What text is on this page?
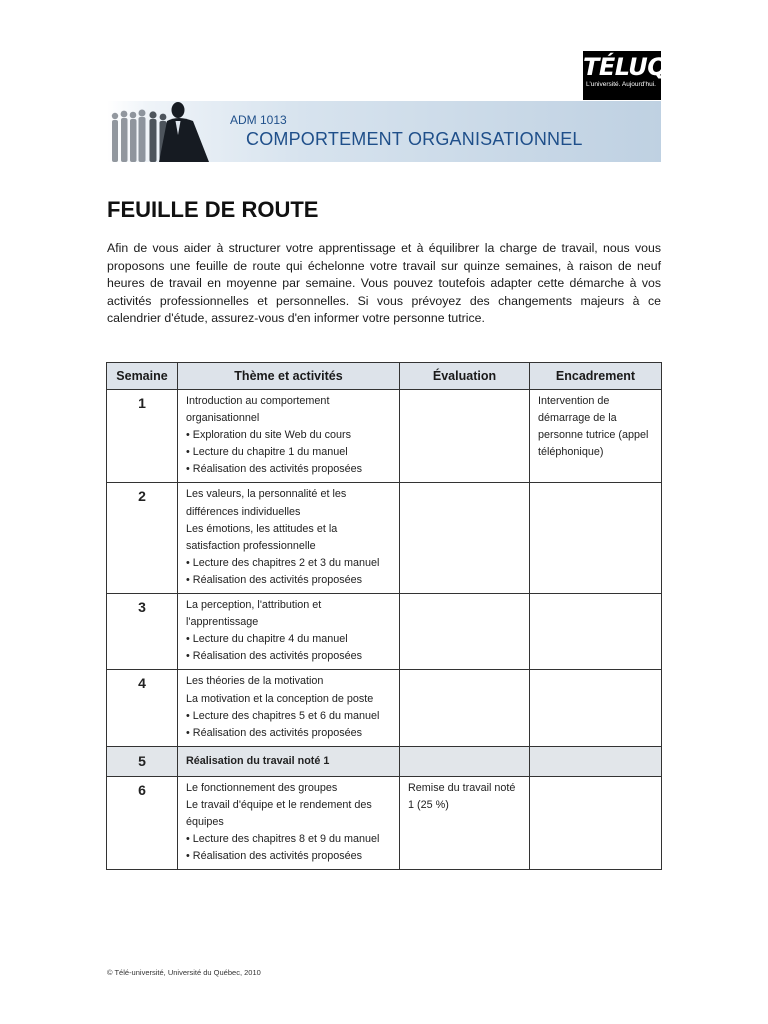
TÉLUQ
L'université. Aujourd'hui.
ADM 1013
COMPORTEMENT ORGANISATIONNEL
FEUILLE DE ROUTE

Afin de vous aider à structurer votre apprentissage et à équilibrer la charge de travail, nous vous proposons une feuille de route qui échelonne votre travail sur quinze semaines, à raison de neuf heures de travail en moyenne par semaine. Vous pouvez toutefois adapter cette démarche à vos activités professionnelles et personnelles. Si vous prévoyez des changements majeurs à ce calendrier d'étude, assurez-vous d'en informer votre personne tutrice.

Semaine	Thème et activités	Évaluation	Encadrement
1	Introduction au comportement organisationnel
• Exploration du site Web du cours
• Lecture du chapitre 1 du manuel
• Réalisation des activités proposées		Intervention de démarrage de la personne tutrice (appel téléphonique)

2	Les valeurs, la personnalité et les différences individuelles
Les émotions, les attitudes et la satisfaction professionnelle
• Lecture des chapitres 2 et 3 du manuel
• Réalisation des activités proposées		

3	La perception, l'attribution et l'apprentissage
• Lecture du chapitre 4 du manuel
• Réalisation des activités proposées		

4	Les théories de la motivation
La motivation et la conception de poste
• Lecture des chapitres 5 et 6 du manuel
• Réalisation des activités proposées		

5	Réalisation du travail noté 1		

6	Le fonctionnement des groupes
Le travail d'équipe et le rendement des équipes
• Lecture des chapitres 8 et 9 du manuel
• Réalisation des activités proposées	Remise du travail noté 1 (25 %)	

© Télé-université, Université du Québec, 2010
